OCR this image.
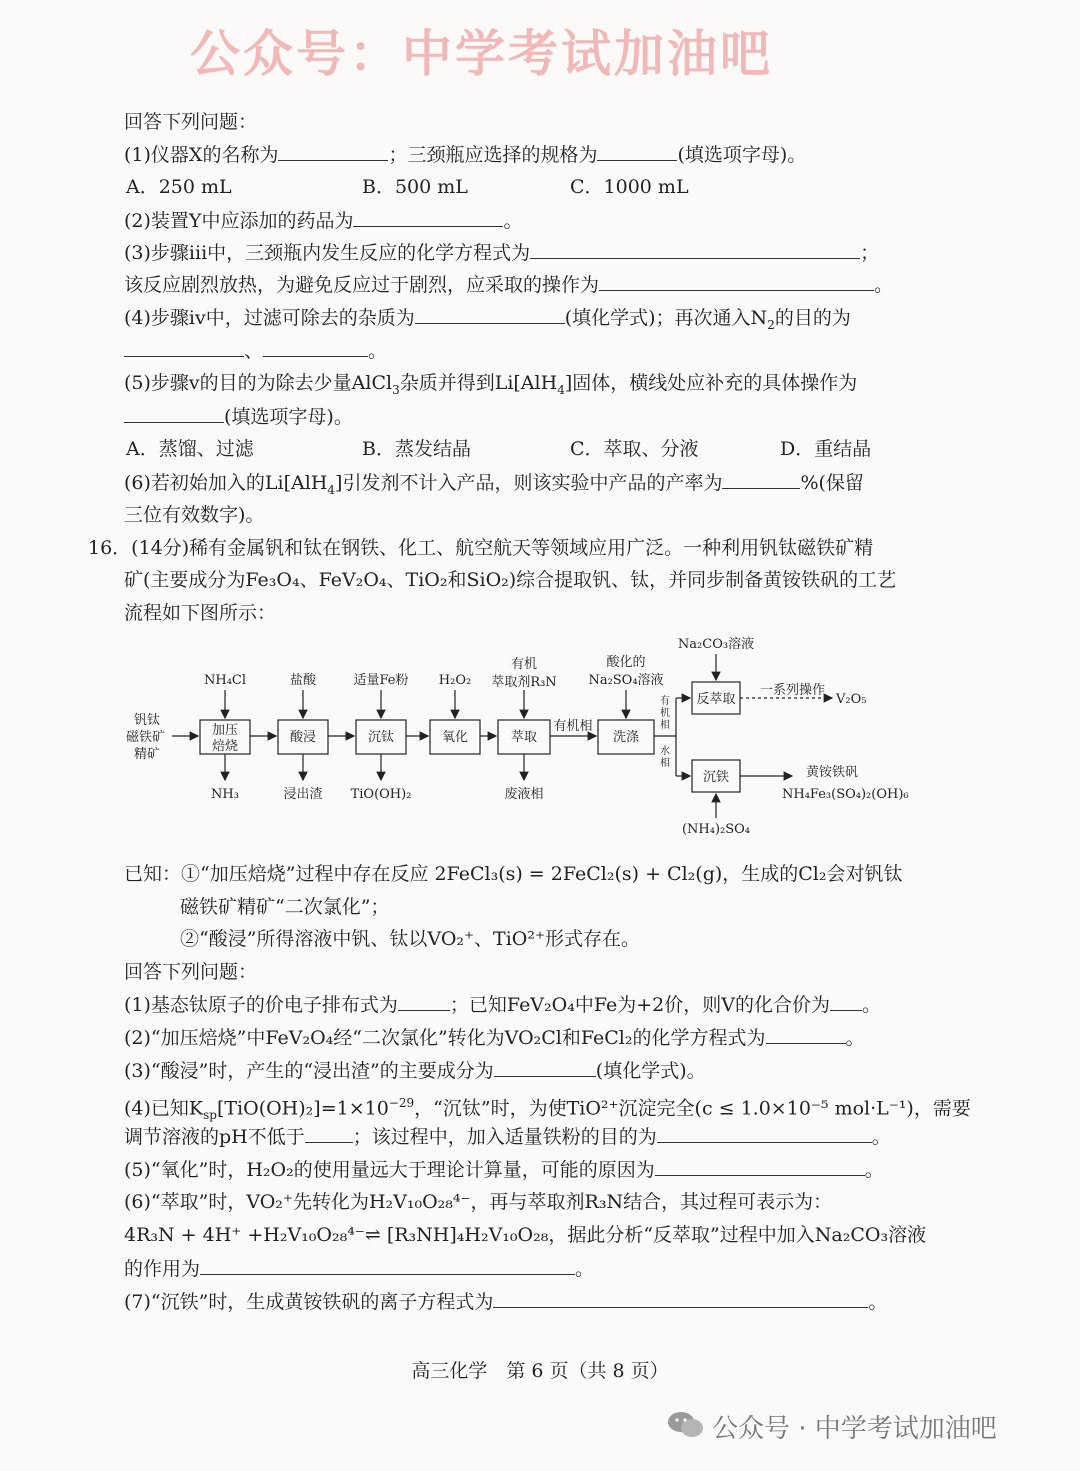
公众号：中学考试加油吧
回答下列问题：
(1)仪器X的名称为	；三颈瓶应选择的规格为	(填选项字母)。
A．250 mL	B．500 mL	C．1000 mL
(2)装置Y中应添加的药品为	。
(3)步骤iii中，三颈瓶内发生反应的化学方程式为	；
该反应剧烈放热，为避免反应过于剧烈，应采取的操作为	。
(4)步骤iv中，过滤可除去的杂质为	(填化学式)；再次通入$N_2$的目的为
、	。
(5)步骤v的目的为除去少量AlCl$_3$杂质并得到Li[AlH$_4$]固体，横线处应补充的具体操作为
(填选项字母)。
A．蒸馏、过滤	B．蒸发结晶	C．萃取、分液	D．重结晶
(6)若初始加入的Li[AlH$_4$]引发剂不计入产品，则该实验中产品的产率为	%(保留
三位有效数字)。
16．(14分)稀有金属钒和钛在钢铁、化工、航空航天等领域应用广泛。一种利用钒钛磁铁矿精
矿(主要成分为Fe₃O₄、FeV₂O₄、TiO₂和SiO₂)综合提取钒、钛，并同步制备黄铵铁矾的工艺
流程如下图所示：
钒钛
磁铁矿
精矿
加压
焙烧
酸浸	沉钛	氧化	萃取	洗涤
NH₄Cl	盐酸	适量Fe粉 H₂O₂
有机
萃取剂R₃N
酸化的
Na₂SO₄溶液
NH₃	浸出渣 TiO(OH)₂	废液相
有机相
有
机
相
水
相
Na₂CO₃溶液
反萃取
沉铁
一系列操作
V₂O₅
黄铵铁矾
NH₄Fe₃(SO₄)₂(OH)₆
(NH₄)₂SO₄
已知：①“加压焙烧”过程中存在反应 2FeCl₃(s) = 2FeCl₂(s) + Cl₂(g)，生成的Cl₂会对钒钛
磁铁矿精矿“二次氯化”；
②“酸浸”所得溶液中钒、钛以VO₂⁺、TiO²⁺形式存在。
回答下列问题：
(1)基态钛原子的价电子排布式为	；已知FeV₂O₄中Fe为+2价，则V的化合价为 。
(2)“加压焙烧”中FeV₂O₄经“二次氯化”转化为VO₂Cl和FeCl₂的化学方程式为	。
(3)“酸浸”时，产生的“浸出渣”的主要成分为	(填化学式)。
(4)已知$K_{sp}[TiO(OH)_2]=1\times 10^{-29}$，“沉钛”时，为使TiO²⁺沉淀完全(c ≤ 1.0×10⁻⁵ mol·L⁻¹)，需要
调节溶液的pH不低于	；该过程中，加入适量铁粉的目的为	。
(5)“氧化”时，H₂O₂的使用量远大于理论计算量，可能的原因为	。
(6)“萃取”时，VO₂⁺先转化为H₂V₁₀O₂₈⁴⁻，再与萃取剂R₃N结合，其过程可表示为：
4R₃N + 4H⁺ +H₂V₁₀O₂₈⁴⁻⇌ [R₃NH]₄H₂V₁₀O₂₈，据此分析“反萃取”过程中加入Na₂CO₃溶液
的作用为	。
(7)“沉铁”时，生成黄铵铁矾的离子方程式为	。
高三化学　第 6 页（共 8 页）
公众号 · 中学考试加油吧
